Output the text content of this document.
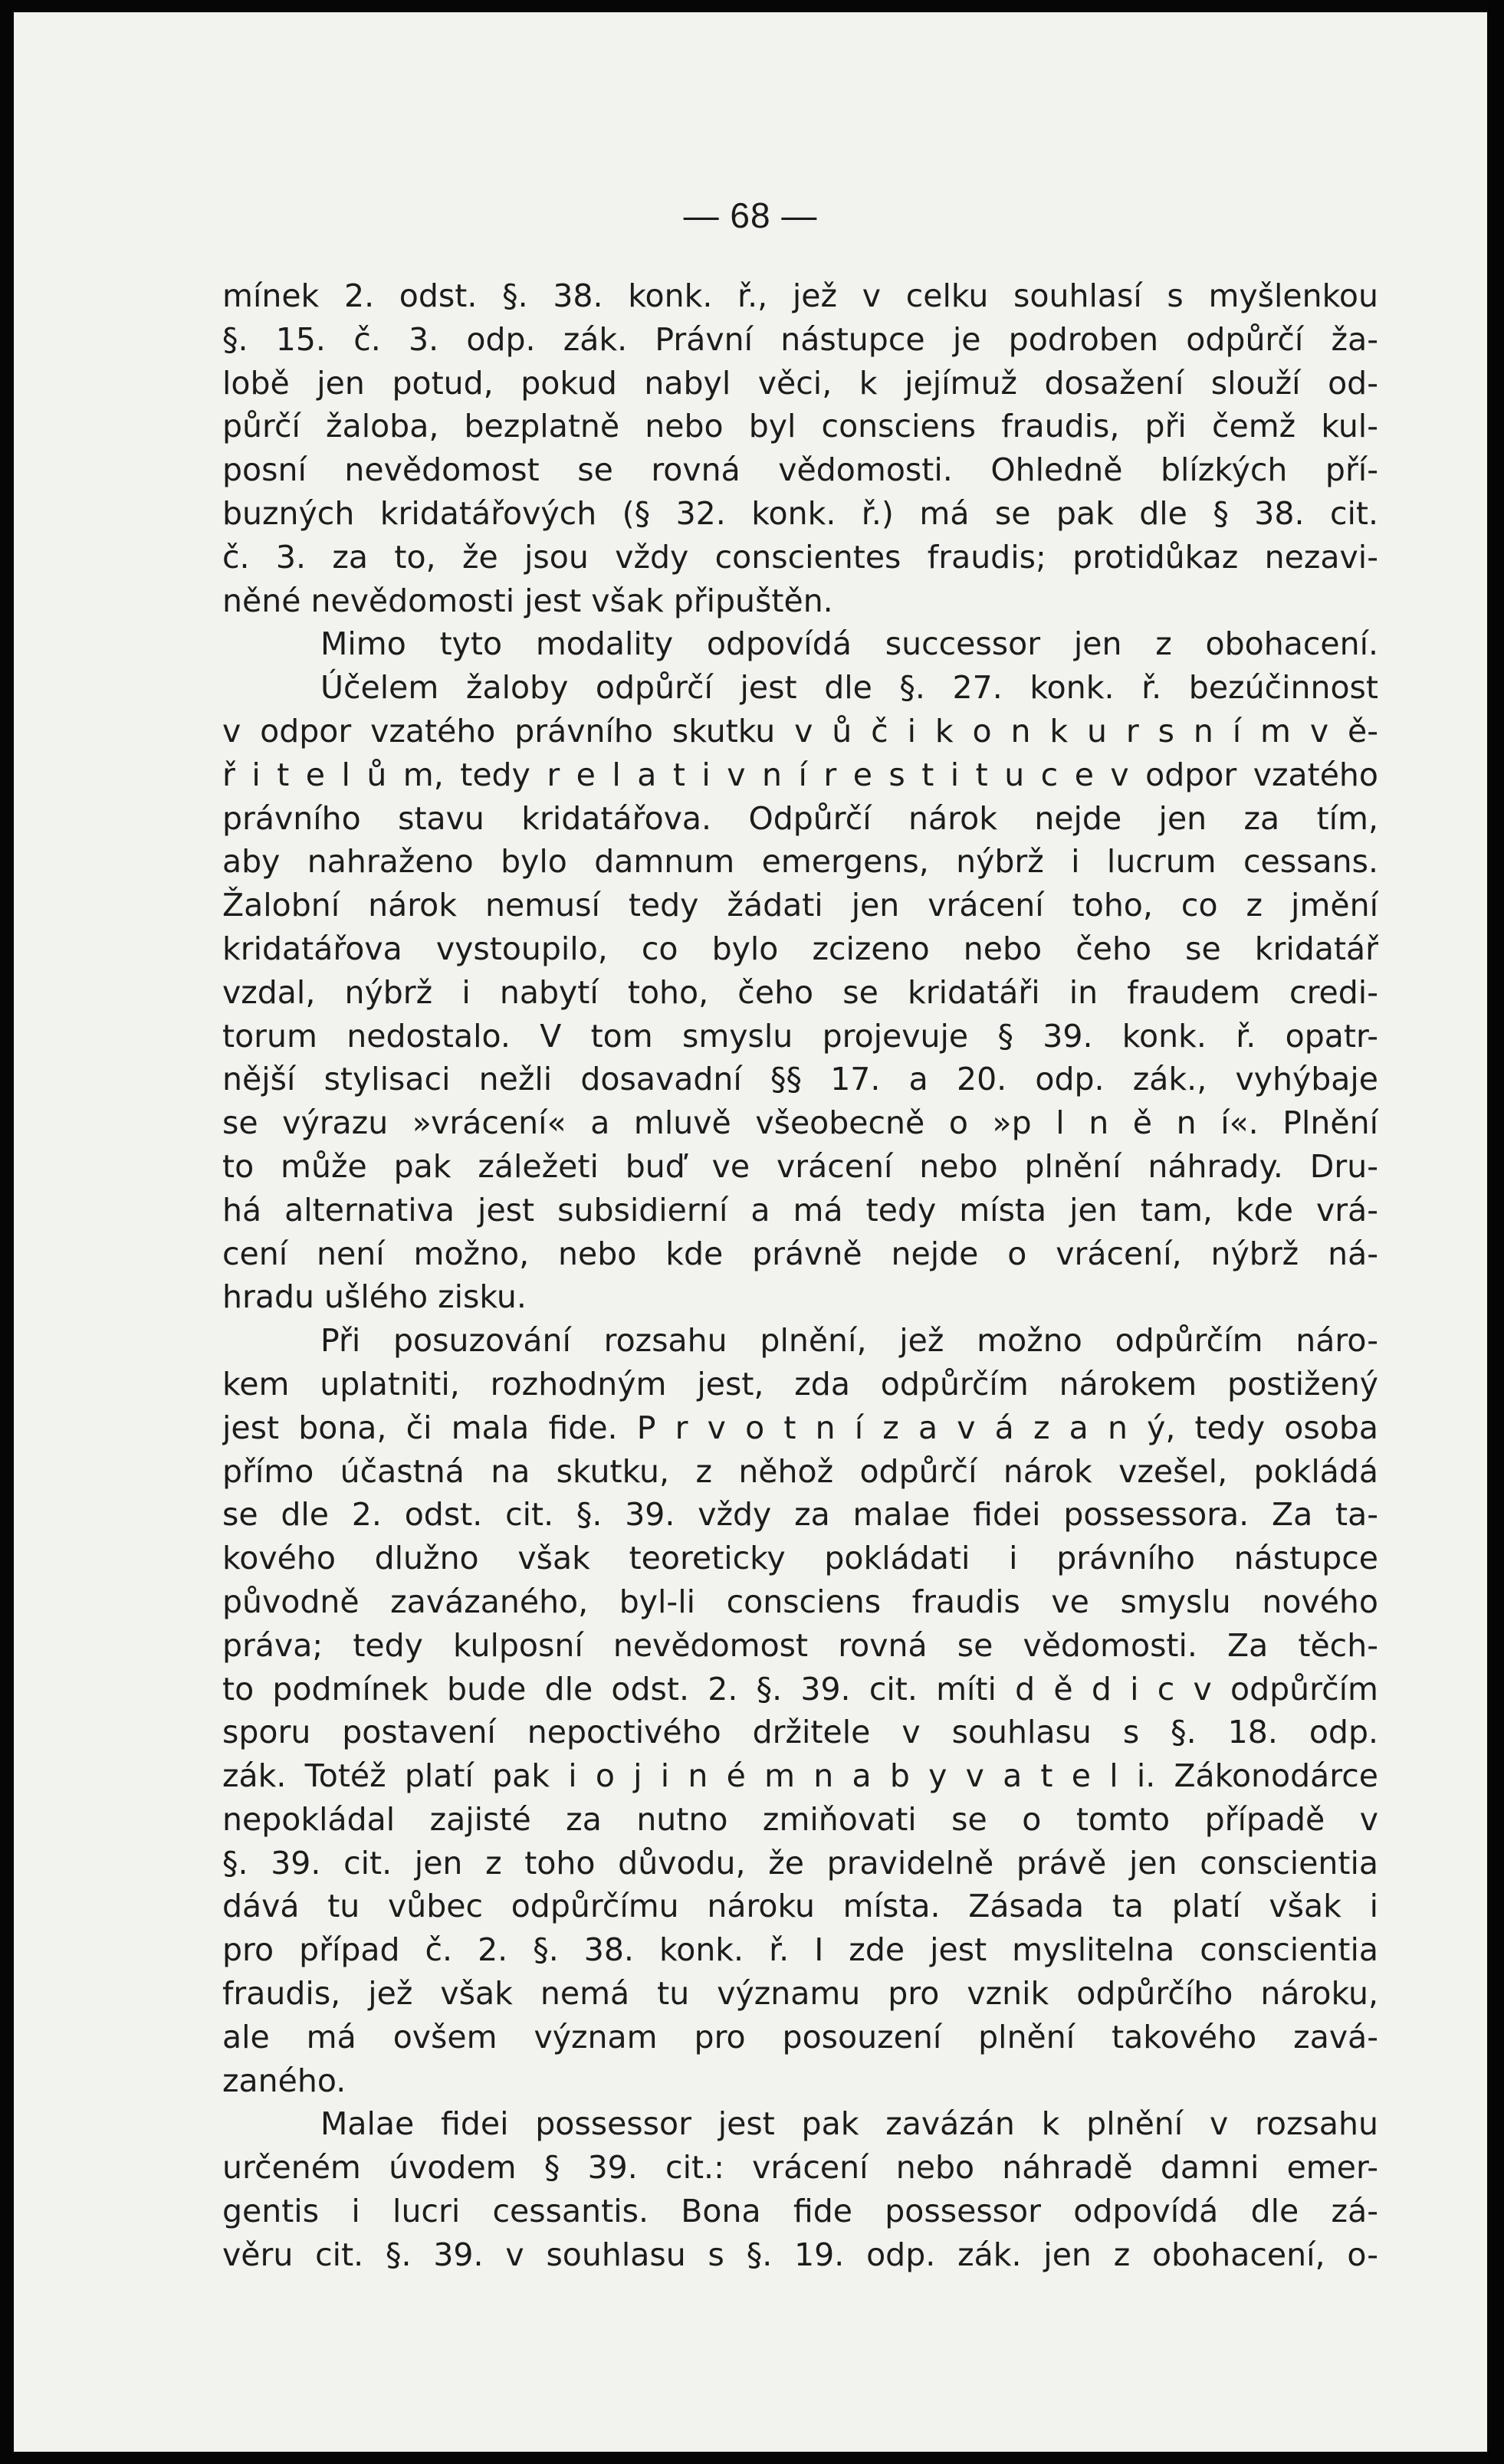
— 68 —
mínek 2. odst. §. 38. konk. ř., jež v celku souhlasí s myšlenkou
§. 15. č. 3. odp. zák. Právní nástupce je podroben odpůrčí ža-
lobě jen potud, pokud nabyl věci, k jejímuž dosažení slouží od-
půrčí žaloba, bezplatně nebo byl consciens fraudis, při čemž kul-
posní nevědomost se rovná vědomosti. Ohledně blízkých pří-
buzných kridatářových (§ 32. konk. ř.) má se pak dle § 38. cit.
č. 3. za to, že jsou vždy conscientes fraudis; protidůkaz nezavi-
něné nevědomosti jest však připuštěn.
Mimo tyto modality odpovídá successor jen z obohacení.
Účelem žaloby odpůrčí jest dle §. 27. konk. ř. bezúčinnost
v odpor vzatého právního skutku v ů č i k o n k u r s n í m v ě-
ř i t e l ů m, tedy r e l a t i v n í r e s t i t u c e v odpor vzatého
právního stavu kridatářova. Odpůrčí nárok nejde jen za tím,
aby nahraženo bylo damnum emergens, nýbrž i lucrum cessans.
Žalobní nárok nemusí tedy žádati jen vrácení toho, co z jmění
kridatářova vystoupilo, co bylo zcizeno nebo čeho se kridatář
vzdal, nýbrž i nabytí toho, čeho se kridatáři in fraudem credi-
torum nedostalo. V tom smyslu projevuje § 39. konk. ř. opatr-
nější stylisaci nežli dosavadní §§ 17. a 20. odp. zák., vyhýbaje
se výrazu »vrácení« a mluvě všeobecně o »p l n ě n í«. Plnění
to může pak záležeti buď ve vrácení nebo plnění náhrady. Dru-
há alternativa jest subsidierní a má tedy místa jen tam, kde vrá-
cení není možno, nebo kde právně nejde o vrácení, nýbrž ná-
hradu ušlého zisku.
Při posuzování rozsahu plnění, jež možno odpůrčím náro-
kem uplatniti, rozhodným jest, zda odpůrčím nárokem postižený
jest bona, či mala fide. P r v o t n í z a v á z a n ý, tedy osoba
přímo účastná na skutku, z něhož odpůrčí nárok vzešel, pokládá
se dle 2. odst. cit. §. 39. vždy za malae fidei possessora. Za ta-
kového dlužno však teoreticky pokládati i právního nástupce
původně zavázaného, byl-li consciens fraudis ve smyslu nového
práva; tedy kulposní nevědomost rovná se vědomosti. Za těch-
to podmínek bude dle odst. 2. §. 39. cit. míti d ě d i c v odpůrčím
sporu postavení nepoctivého držitele v souhlasu s §. 18. odp.
zák. Totéž platí pak i o j i n é m n a b y v a t e l i. Zákonodárce
nepokládal zajisté za nutno zmiňovati se o tomto případě v
§. 39. cit. jen z toho důvodu, že pravidelně právě jen conscientia
dává tu vůbec odpůrčímu nároku místa. Zásada ta platí však i
pro případ č. 2. §. 38. konk. ř. I zde jest myslitelna conscientia
fraudis, jež však nemá tu významu pro vznik odpůrčího nároku,
ale má ovšem význam pro posouzení plnění takového zavá-
zaného.
Malae fidei possessor jest pak zavázán k plnění v rozsahu
určeném úvodem § 39. cit.: vrácení nebo náhradě damni emer-
gentis i lucri cessantis. Bona fide possessor odpovídá dle zá-
věru cit. §. 39. v souhlasu s §. 19. odp. zák. jen z obohacení, o-
